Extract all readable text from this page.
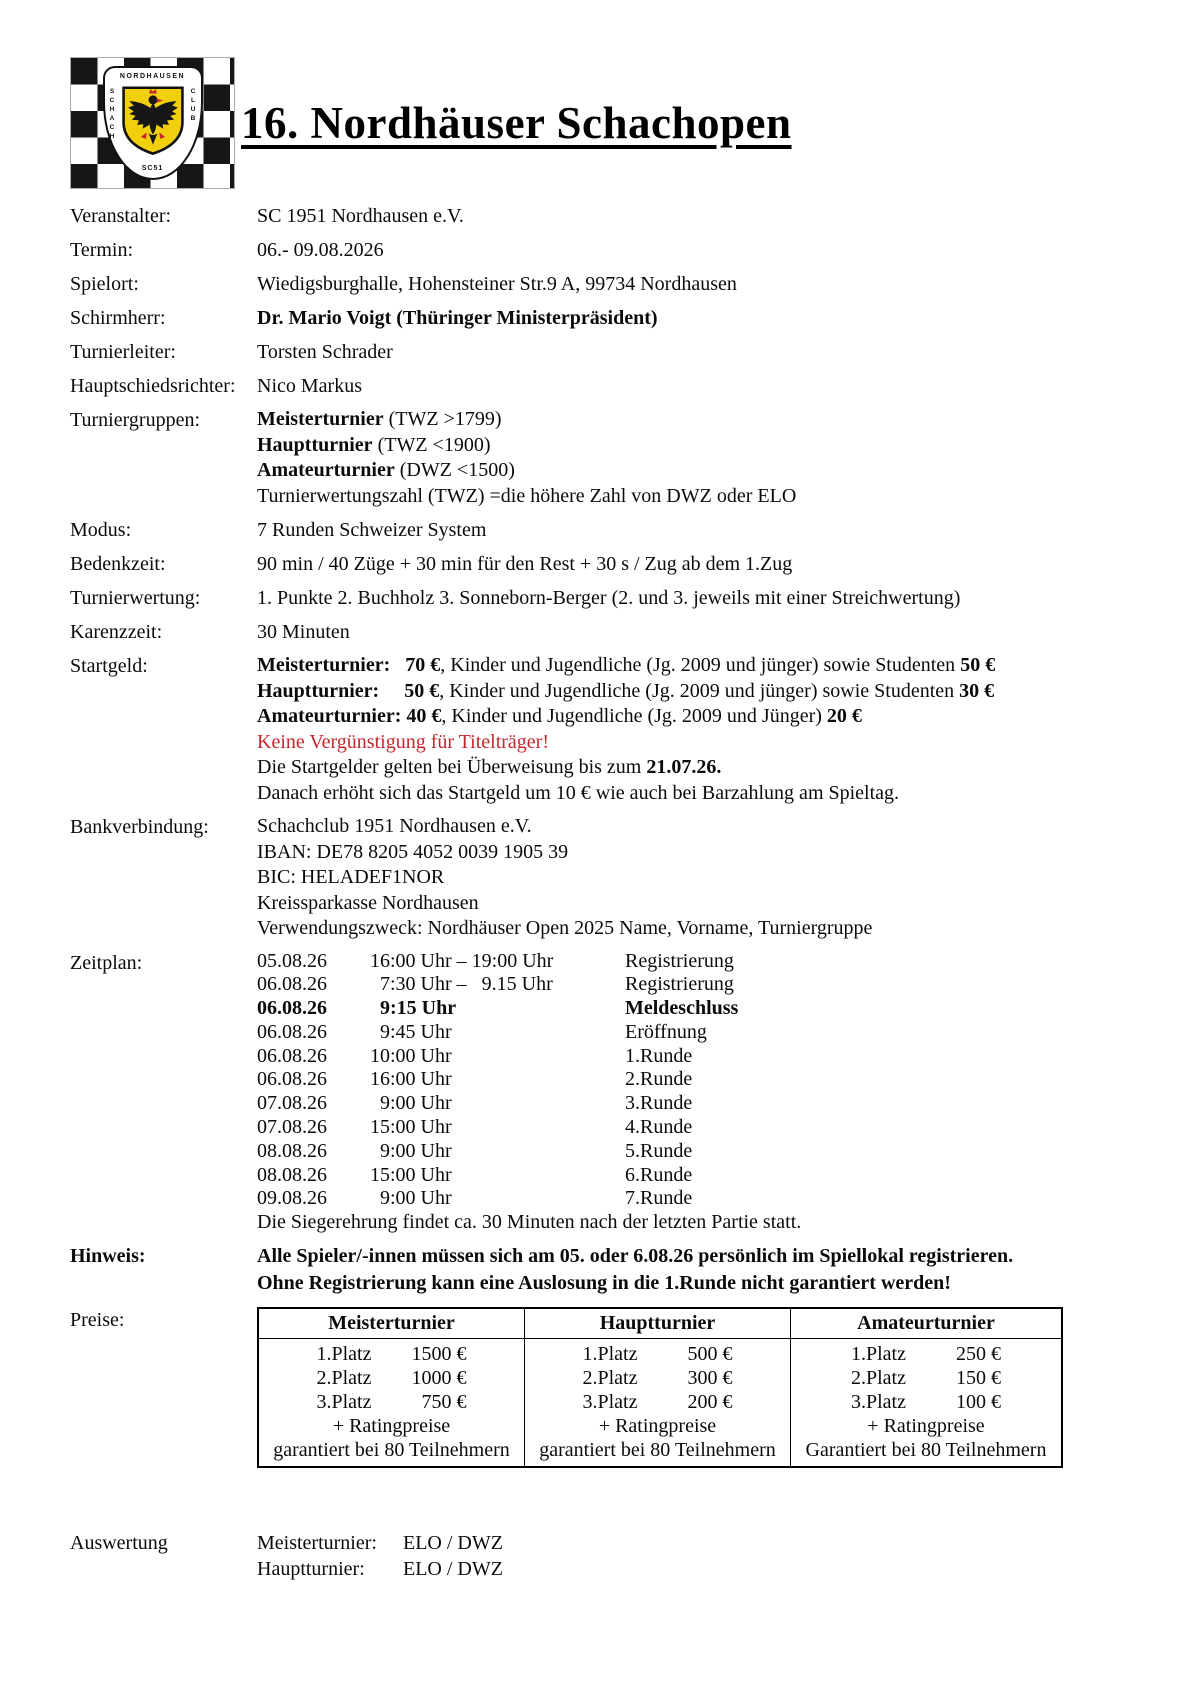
NORDHAUSEN
SCHACH	CLUB
SC51
16. Nordhäuser Schachopen
Veranstalter:	SC 1951 Nordhausen e.V.
Termin:	06.- 09.08.2026
Spielort:	Wiedigsburghalle, Hohensteiner Str.9 A, 99734 Nordhausen
Schirmherr:	Dr. Mario Voigt (Thüringer Ministerpräsident)
Turnierleiter:	Torsten Schrader
Hauptschiedsrichter:	Nico Markus
Turniergruppen:	Meisterturnier (TWZ >1799)
Hauptturnier (TWZ <1900)
Amateurturnier (DWZ <1500)
Turnierwertungszahl (TWZ) =die höhere Zahl von DWZ oder ELO
Modus:	7 Runden Schweizer System
Bedenkzeit:	90 min / 40 Züge + 30 min für den Rest + 30 s / Zug ab dem 1.Zug
Turnierwertung:	1. Punkte 2. Buchholz 3. Sonneborn-Berger (2. und 3. jeweils mit einer Streichwertung)
Karenzzeit:	30 Minuten
Startgeld:	Meisterturnier:   70 €, Kinder und Jugendliche (Jg. 2009 und jünger) sowie Studenten 50 €
Hauptturnier:     50 €, Kinder und Jugendliche (Jg. 2009 und jünger) sowie Studenten 30 €
Amateurturnier: 40 €, Kinder und Jugendliche (Jg. 2009 und Jünger) 20 €
Keine Vergünstigung für Titelträger!
Die Startgelder gelten bei Überweisung bis zum 21.07.26.
Danach erhöht sich das Startgeld um 10 € wie auch bei Barzahlung am Spieltag.
Bankverbindung:	Schachclub 1951 Nordhausen e.V.
IBAN: DE78 8205 4052 0039 1905 39
BIC: HELADEF1NOR
Kreissparkasse Nordhausen
Verwendungszweck: Nordhäuser Open 2025 Name, Vorname, Turniergruppe
Zeitplan:	05.08.26	16:00 Uhr – 19:00 Uhr	Registrierung
06.08.26	7:30 Uhr –   9.15 Uhr	Registrierung
06.08.26	9:15 Uhr	Meldeschluss
06.08.26	9:45 Uhr	Eröffnung
06.08.26	10:00 Uhr	1.Runde
06.08.26	16:00 Uhr	2.Runde
07.08.26	9:00 Uhr	3.Runde
07.08.26	15:00 Uhr	4.Runde
08.08.26	9:00 Uhr	5.Runde
08.08.26	15:00 Uhr	6.Runde
09.08.26	9:00 Uhr	7.Runde
Die Siegerehrung findet ca. 30 Minuten nach der letzten Partie statt.
Hinweis:	Alle Spieler/-innen müssen sich am 05. oder 6.08.26 persönlich im Spiellokal registrieren.
Ohne Registrierung kann eine Auslosung in die 1.Runde nicht garantiert werden!
Preise:	Meisterturnier	Hauptturnier	Amateurturnier

1.Platz	1500 €
2.Platz	1000 €
3.Platz	750 €
+ Ratingpreise
garantiert bei 80 Teilnehmern

1.Platz	500 €
2.Platz	300 €
3.Platz	200 €
+ Ratingpreise
garantiert bei 80 Teilnehmern

1.Platz	250 €
2.Platz	150 €
3.Platz	100 €
+ Ratingpreise
Garantiert bei 80 Teilnehmern
Auswertung	Meisterturnier:	ELO / DWZ
Hauptturnier:	ELO / DWZ
